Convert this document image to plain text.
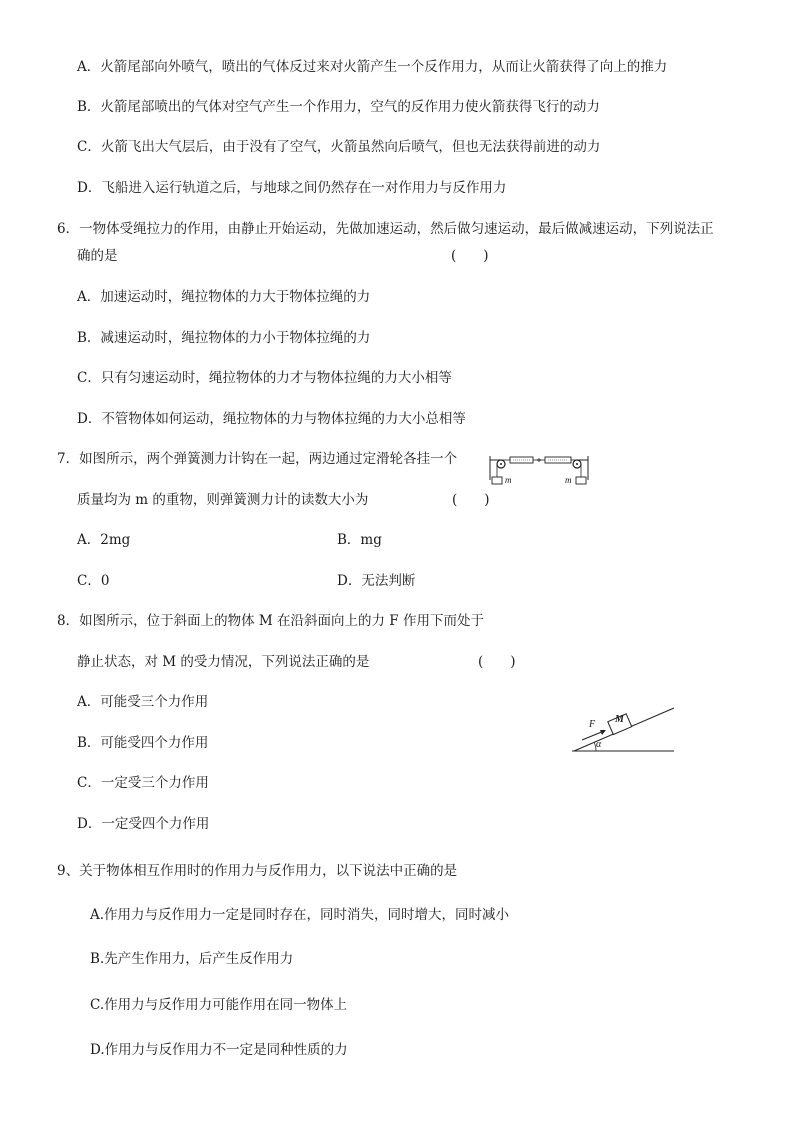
A．火箭尾部向外喷气，喷出的气体反过来对火箭产生一个反作用力，从而让火箭获得了向上的推力
B．火箭尾部喷出的气体对空气产生一个作用力，空气的反作用力使火箭获得飞行的动力
C．火箭飞出大气层后，由于没有了空气，火箭虽然向后喷气，但也无法获得前进的动力
D．飞船进入运行轨道之后，与地球之间仍然存在一对作用力与反作用力
6．一物体受绳拉力的作用，由静止开始运动，先做加速运动，然后做匀速运动，最后做减速运动，下列说法正
确的是	(　　)
A．加速运动时，绳拉物体的力大于物体拉绳的力
B．减速运动时，绳拉物体的力小于物体拉绳的力
C．只有匀速运动时，绳拉物体的力才与物体拉绳的力大小相等
D．不管物体如何运动，绳拉物体的力与物体拉绳的力大小总相等
7．如图所示，两个弹簧测力计钩在一起，两边通过定滑轮各挂一个
质量均为 m 的重物，则弹簧测力计的读数大小为	(　　)
m	m
A．2mg	B．mg
C．0	D．无法判断
8．如图所示，位于斜面上的物体 M 在沿斜面向上的力 F 作用下而处于
静止状态，对 M 的受力情况，下列说法正确的是	(　　)
F M
α
A．可能受三个力作用
B．可能受四个力作用
C．一定受三个力作用
D．一定受四个力作用
9、关于物体相互作用时的作用力与反作用力，以下说法中正确的是
A.作用力与反作用力一定是同时存在，同时消失，同时增大，同时减小
B.先产生作用力，后产生反作用力
C.作用力与反作用力可能作用在同一物体上
D.作用力与反作用力不一定是同种性质的力
